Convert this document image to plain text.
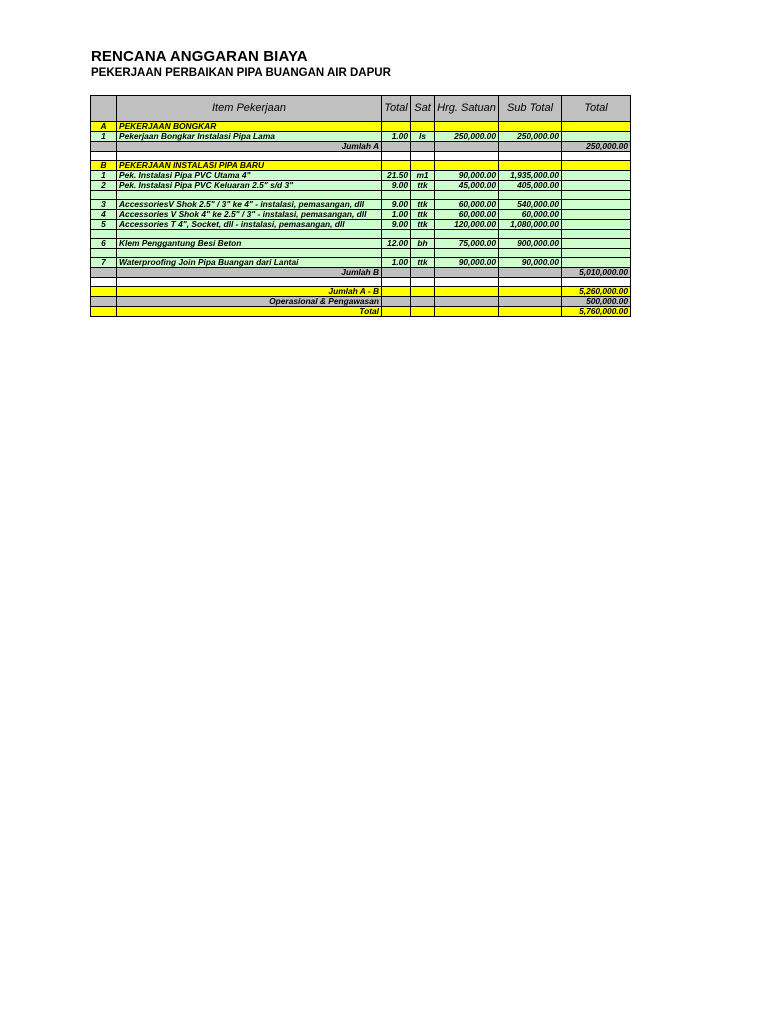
RENCANA ANGGARAN BIAYA
PEKERJAAN PERBAIKAN PIPA BUANGAN AIR DAPUR
	Item Pekerjaan	Total	Sat	Hrg. Satuan	Sub Total	Total
A	PEKERJAAN BONGKAR					
1	Pekerjaan Bongkar Instalasi Pipa Lama	1.00	ls	250,000.00	250,000.00	
	Jumlah A					250,000.00

B	PEKERJAAN INSTALASI PIPA BARU					
1	Pek. Instalasi Pipa PVC Utama 4"	21.50	m1	90,000.00	1,935,000.00	
2	Pek. Instalasi Pipa PVC Keluaran 2.5" s/d 3"	9.00	ttk	45,000.00	405,000.00	

3	AccessoriesV Shok 2.5" / 3" ke 4" - instalasi, pemasangan, dll	9.00	ttk	60,000.00	540,000.00	
4	Accessories V Shok 4" ke 2.5" / 3" - instalasi, pemasangan, dll	1.00	ttk	60,000.00	60,000.00	
5	Accessories T 4", Socket, dll - instalasi, pemasangan, dll	9.00	ttk	120,000.00	1,080,000.00	

6	Klem Penggantung Besi Beton	12.00	bh	75,000.00	900,000.00	

7	Waterproofing Join Pipa Buangan dari Lantai	1.00	ttk	90,000.00	90,000.00	
	Jumlah B					5,010,000.00

	Jumlah A - B					5,260,000.00
	Operasional & Pengawasan					500,000.00
	Total					5,760,000.00
